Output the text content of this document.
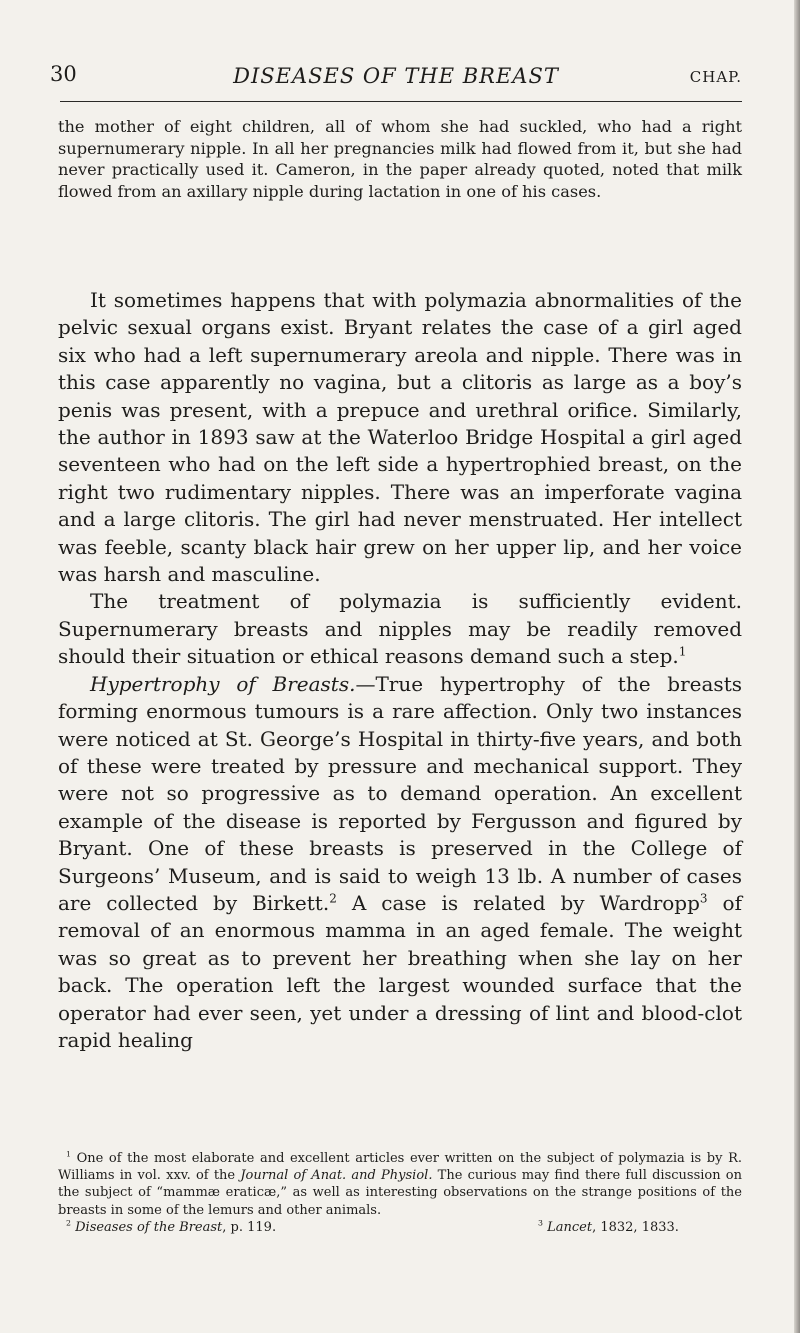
30	DISEASES OF THE BREAST	CHAP.

the mother of eight children, all of whom she had suckled, who had a right supernumerary nipple. In all her pregnancies milk had flowed from it, but she had never practically used it. Cameron, in the paper already quoted, noted that milk flowed from an axillary nipple during lactation in one of his cases.

It sometimes happens that with polymazia abnormalities of the pelvic sexual organs exist. Bryant relates the case of a girl aged six who had a left supernumerary areola and nipple. There was in this case apparently no vagina, but a clitoris as large as a boy’s penis was present, with a prepuce and urethral orifice. Similarly, the author in 1893 saw at the Waterloo Bridge Hospital a girl aged seventeen who had on the left side a hypertrophied breast, on the right two rudimentary nipples. There was an imperforate vagina and a large clitoris. The girl had never menstruated. Her intellect was feeble, scanty black hair grew on her upper lip, and her voice was harsh and masculine.

The treatment of polymazia is sufficiently evident. Supernumerary breasts and nipples may be readily removed should their situation or ethical reasons demand such a step.$^1$

Hypertrophy of Breasts.—True hypertrophy of the breasts forming enormous tumours is a rare affection. Only two instances were noticed at St. George’s Hospital in thirty-five years, and both of these were treated by pressure and mechanical support. They were not so progressive as to demand operation. An excellent example of the disease is reported by Fergusson and figured by Bryant. One of these breasts is preserved in the College of Surgeons’ Museum, and is said to weigh 13 lb. A number of cases are collected by Birkett.$^2$ A case is related by Wardropp$^3$ of removal of an enormous mamma in an aged female. The weight was so great as to prevent her breathing when she lay on her back. The operation left the largest wounded surface that the operator had ever seen, yet under a dressing of lint and blood-clot rapid healing

$^1$ One of the most elaborate and excellent articles ever written on the subject of polymazia is by R. Williams in vol. xxv. of the Journal of Anat. and Physiol. The curious may find there full discussion on the subject of “mammæ eraticæ,” as well as interesting observations on the strange positions of the breasts in some of the lemurs and other animals.

$^2$ Diseases of the Breast, p. 119.	$^3$ Lancet, 1832, 1833.
